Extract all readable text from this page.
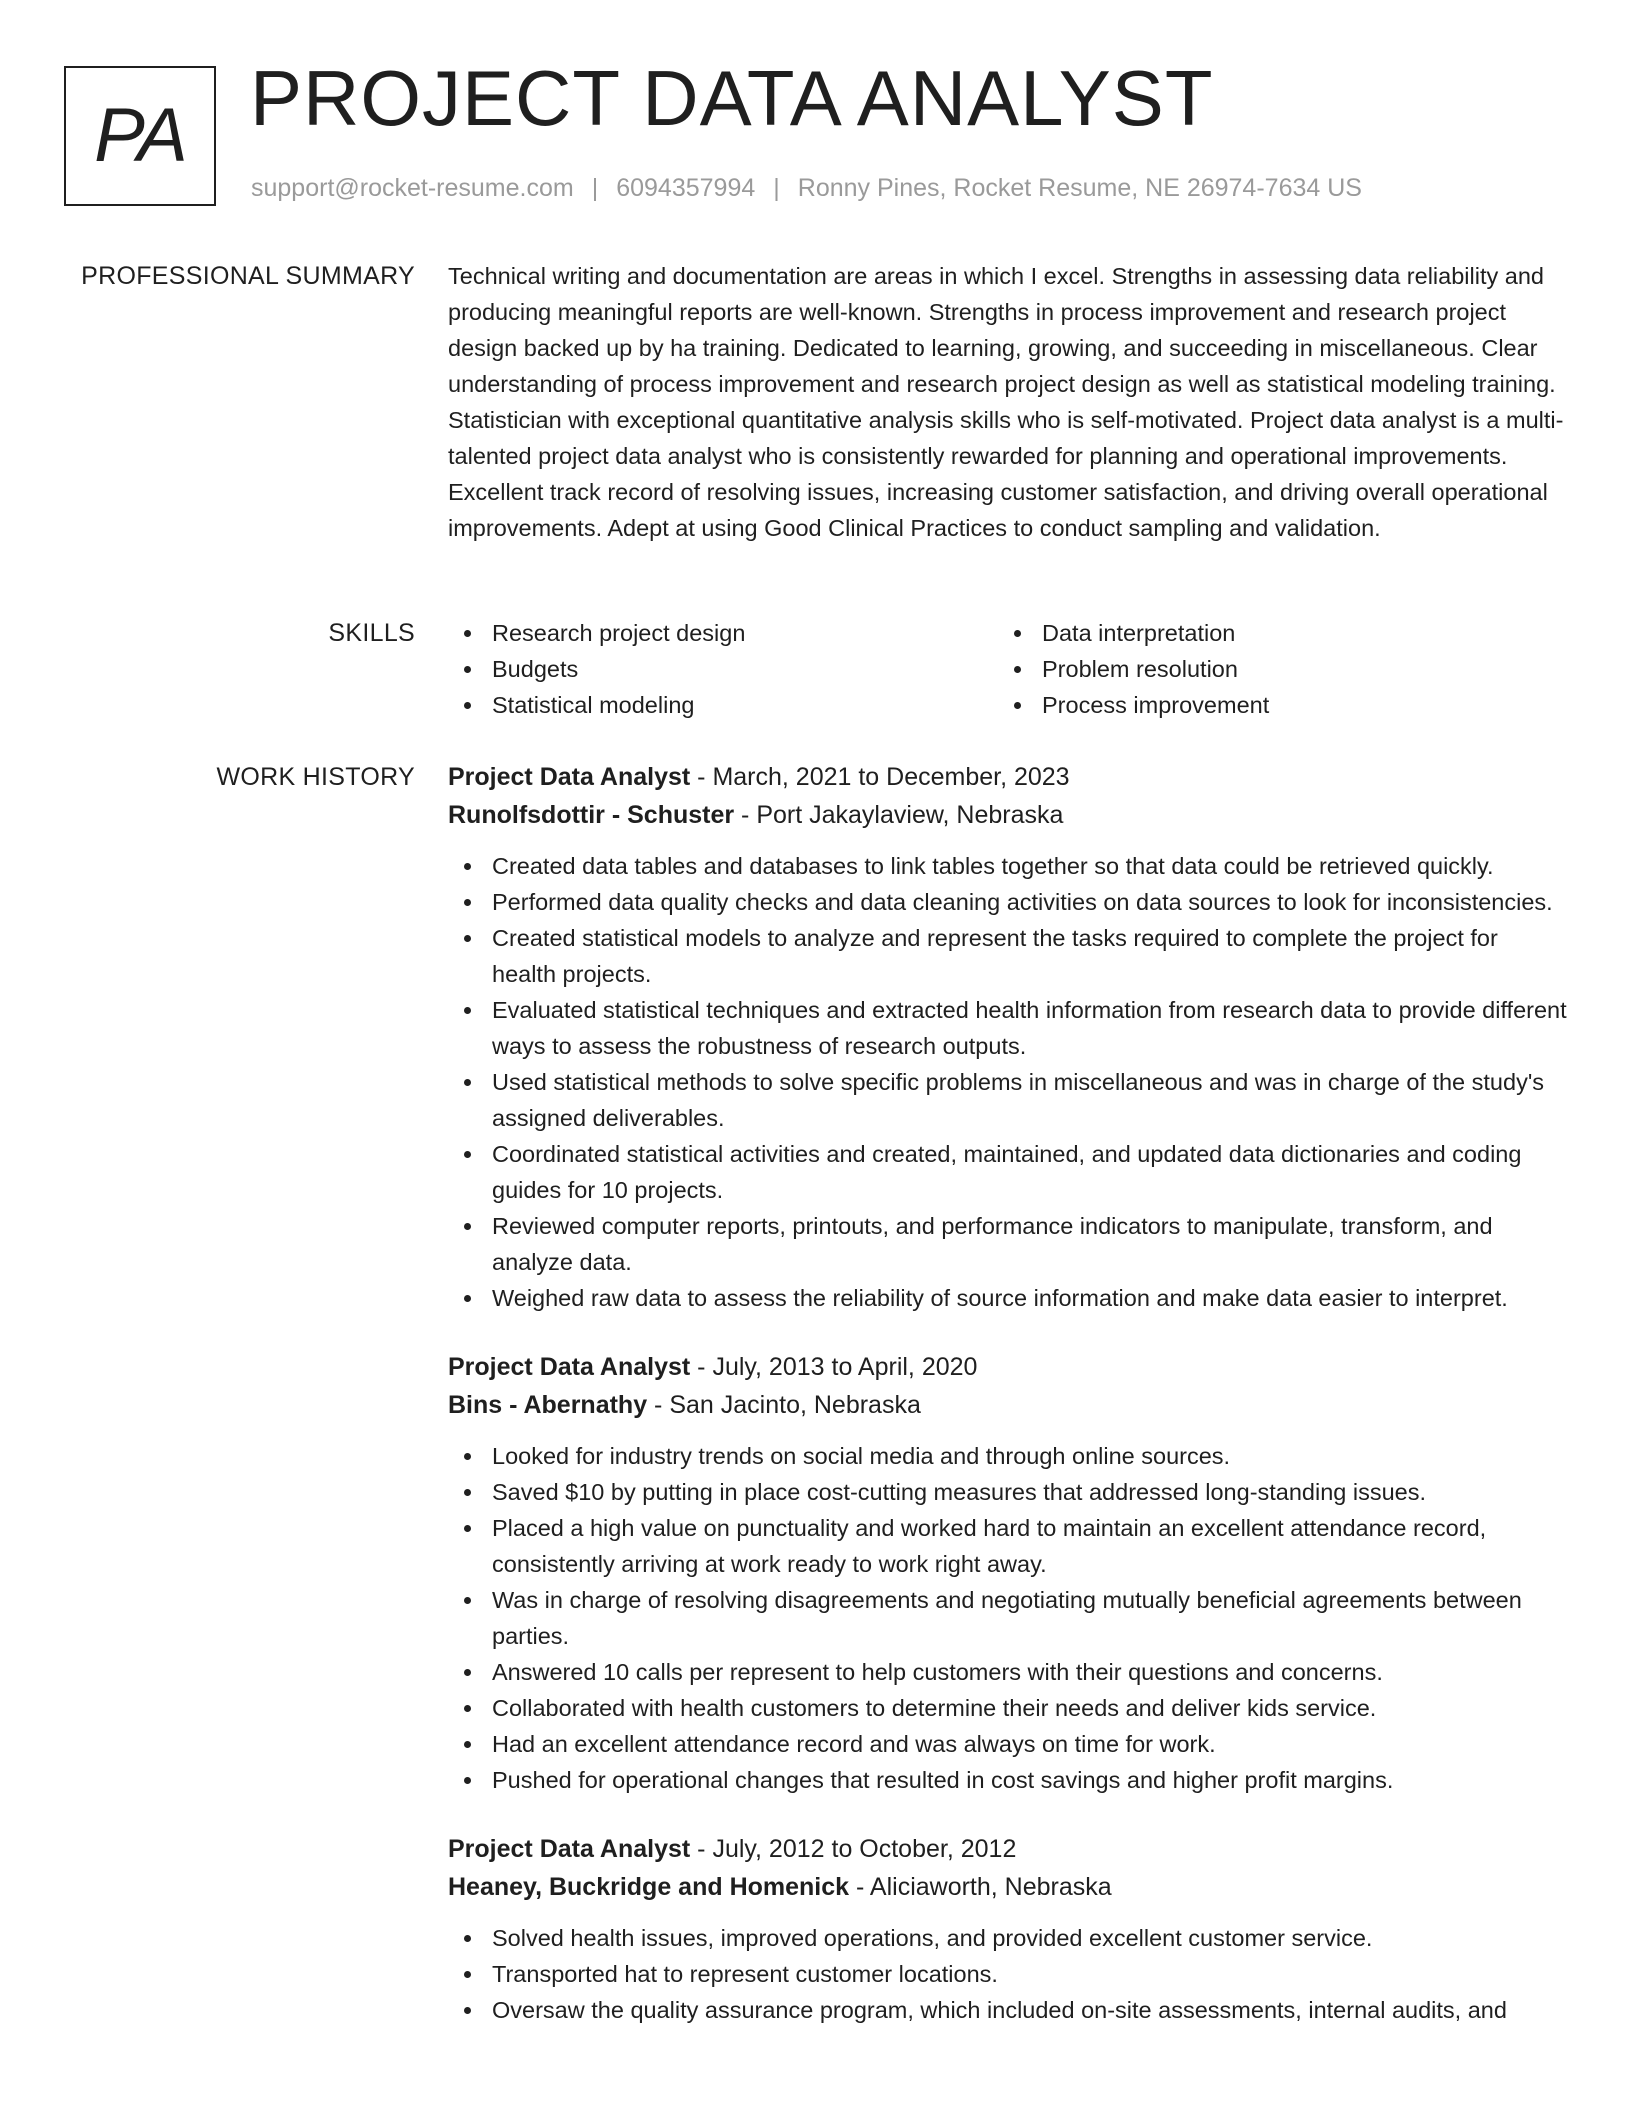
PA PROJECT DATA ANALYST
support@rocket-resume.com | 6094357994 | Ronny Pines, Rocket Resume, NE 26974-7634 US
PROFESSIONAL SUMMARY Technical writing and documentation are areas in which I excel. Strengths in assessing data reliability and producing meaningful reports are well-known. Strengths in process improvement and research project design backed up by ha training. Dedicated to learning, growing, and succeeding in miscellaneous. Clear understanding of process improvement and research project design as well as statistical modeling training. Statistician with exceptional quantitative analysis skills who is self-motivated. Project data analyst is a multi-talented project data analyst who is consistently rewarded for planning and operational improvements. Excellent track record of resolving issues, increasing customer satisfaction, and driving overall operational improvements. Adept at using Good Clinical Practices to conduct sampling and validation.

SKILLS	Research project design	Data interpretation
Budgets	Problem resolution
Statistical modeling	Process improvement
WORK HISTORY Project Data Analyst - March, 2021 to December, 2023
Runolfsdottir - Schuster - Port Jakaylaview, Nebraska
Created data tables and databases to link tables together so that data could be retrieved quickly.
Performed data quality checks and data cleaning activities on data sources to look for inconsistencies.
Created statistical models to analyze and represent the tasks required to complete the project for health projects.
Evaluated statistical techniques and extracted health information from research data to provide different ways to assess the robustness of research outputs.
Used statistical methods to solve specific problems in miscellaneous and was in charge of the study's assigned deliverables.
Coordinated statistical activities and created, maintained, and updated data dictionaries and coding guides for 10 projects.
Reviewed computer reports, printouts, and performance indicators to manipulate, transform, and analyze data.
Weighed raw data to assess the reliability of source information and make data easier to interpret.
Project Data Analyst - July, 2013 to April, 2020
Bins - Abernathy - San Jacinto, Nebraska
Looked for industry trends on social media and through online sources.
Saved $10 by putting in place cost-cutting measures that addressed long-standing issues.
Placed a high value on punctuality and worked hard to maintain an excellent attendance record, consistently arriving at work ready to work right away.
Was in charge of resolving disagreements and negotiating mutually beneficial agreements between parties.
Answered 10 calls per represent to help customers with their questions and concerns.
Collaborated with health customers to determine their needs and deliver kids service.
Had an excellent attendance record and was always on time for work.
Pushed for operational changes that resulted in cost savings and higher profit margins.
Project Data Analyst - July, 2012 to October, 2012
Heaney, Buckridge and Homenick - Aliciaworth, Nebraska
Solved health issues, improved operations, and provided excellent customer service.
Transported hat to represent customer locations.
Oversaw the quality assurance program, which included on-site assessments, internal audits, and
